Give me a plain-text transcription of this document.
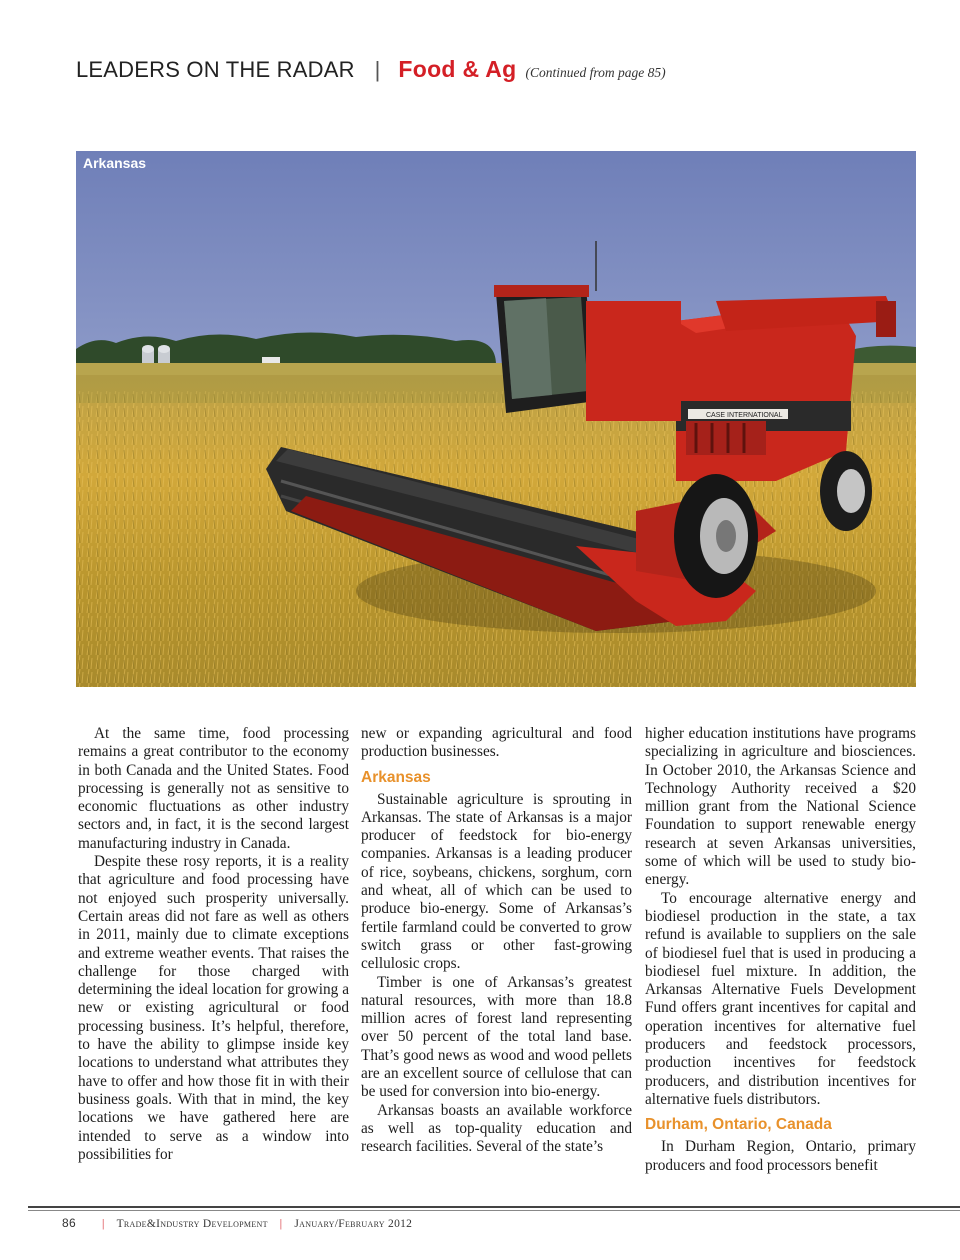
LEADERS ON THE RADAR | Food & Ag (Continued from page 85)
CASE INTERNATIONAL
Arkansas

At the same time, food processing remains a great contributor to the economy in both Canada and the United States. Food processing is generally not as sensitive to economic fluctuations as other industry sectors and, in fact, it is the second largest manufacturing industry in Canada.

Despite these rosy reports, it is a reality that agriculture and food processing have not enjoyed such prosperity universally. Certain areas did not fare as well as others in 2011, mainly due to climate exceptions and extreme weather events. That raises the challenge for those charged with determining the ideal location for growing a new or existing agricultural or food processing business. It’s helpful, therefore, to have the ability to glimpse inside key locations to understand what attributes they have to offer and how those fit in with their business goals. With that in mind, the key locations we have gathered here are intended to serve as a window into possibilities for

new or expanding agricultural and food production businesses.

Arkansas

Sustainable agriculture is sprouting in Arkansas. The state of Arkansas is a major producer of feedstock for bio-energy companies. Arkansas is a leading producer of rice, soybeans, chickens, sorghum, corn and wheat, all of which can be used to produce bio-energy. Some of Arkansas’s fertile farmland could be converted to grow switch grass or other fast-growing cellulosic crops.

Timber is one of Arkansas’s greatest natural resources, with more than 18.8 million acres of forest land representing over 50 percent of the total land base. That’s good news as wood and wood pellets are an excellent source of cellulose that can be used for conversion into bio-energy.

Arkansas boasts an available workforce as well as top-quality education and research facilities. Several of the state’s

higher education institutions have programs specializing in agriculture and biosciences. In October 2010, the Arkansas Science and Technology Authority received a $20 million grant from the National Science Foundation to support renewable energy research at seven Arkansas universities, some of which will be used to study bio-energy.

To encourage alternative energy and biodiesel production in the state, a tax refund is available to suppliers on the sale of biodiesel fuel that is used in producing a biodiesel fuel mixture. In addition, the Arkansas Alternative Fuels Development Fund offers grant incentives for capital and operation incentives for alternative fuel producers and feedstock processors, production incentives for feedstock producers, and distribution incentives for alternative fuels distributors.

Durham, Ontario, Canada

In Durham Region, Ontario, primary producers and food processors benefit

86 | Trade&Industry Development | January/February 2012
